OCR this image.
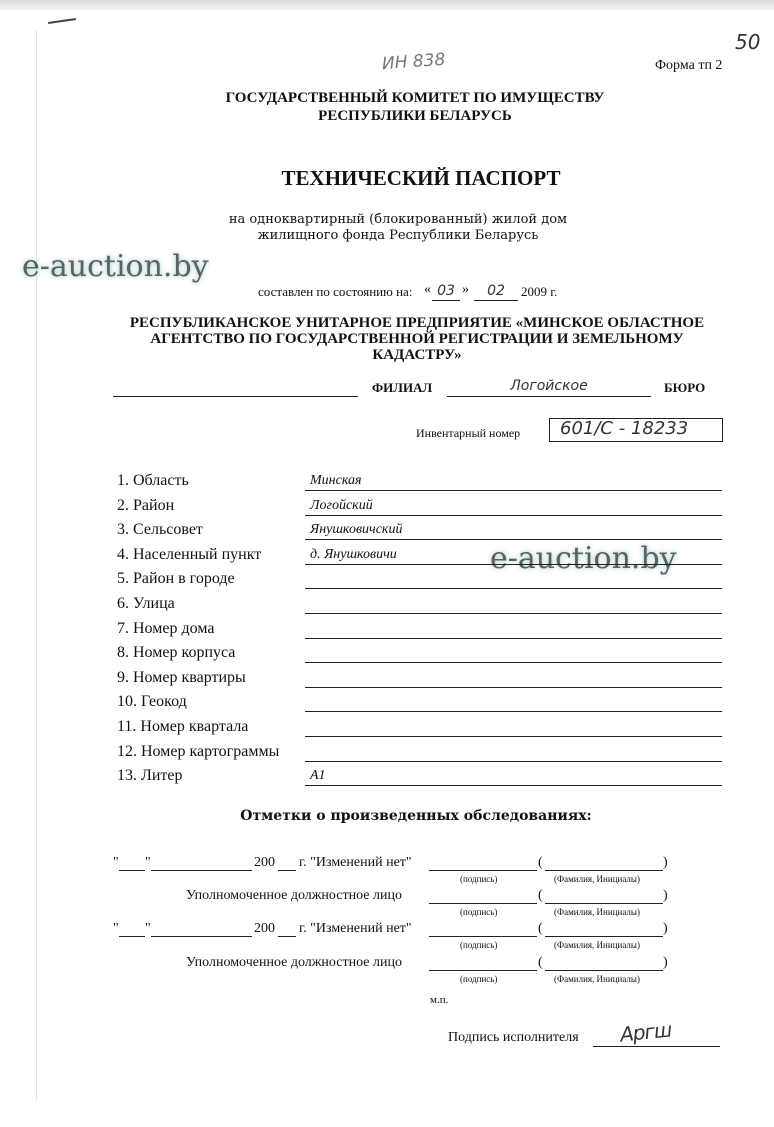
50
ИН 838	Форма тп 2
ГОСУДАРСТВЕННЫЙ КОМИТЕТ ПО ИМУЩЕСТВУ
РЕСПУБЛИКИ БЕЛАРУСЬ
ТЕХНИЧЕСКИЙ ПАСПОРТ
на одноквартирный (блокированный) жилой дом
жилищного фонда Республики Беларусь
e-auction.by
составлен по состоянию на: « 03 »	02	2009 г.
РЕСПУБЛИКАНСКОЕ УНИТАРНОЕ ПРЕДПРИЯТИЕ «МИНСКОЕ ОБЛАСТНОЕ
АГЕНТСТВО ПО ГОСУДАРСТВЕННОЙ РЕГИСТРАЦИИ И ЗЕМЕЛЬНОМУ
КАДАСТРУ»
ФИЛИАЛ	Логойское	БЮРО
Инвентарный номер 601/С - 18233
e-auction.by
1. Область	Минская
2. Район	Логойский
3. Сельсовет	Янушковичский
4. Населенный пункт	д. Янушковичи
5. Район в городе
6. Улица
7. Номер дома
8. Номер корпуса
9. Номер квартиры
10. Геокод
11. Номер квартала
12. Номер картограммы
13. Литер	А1
Отметки о произведенных обследованиях:
" "	200 г. "Изменений нет"	(	)
(подпись)	(Фамилия, Инициалы)
Уполномоченное должностное лицо	(	)
(подпись)	(Фамилия, Инициалы)
" "	200 г. "Изменений нет"	(	)
(подпись)	(Фамилия, Инициалы)
Уполномоченное должностное лицо	(	)
(подпись)	(Фамилия, Инициалы)
м.п.
Подпись исполнителя Аргш
